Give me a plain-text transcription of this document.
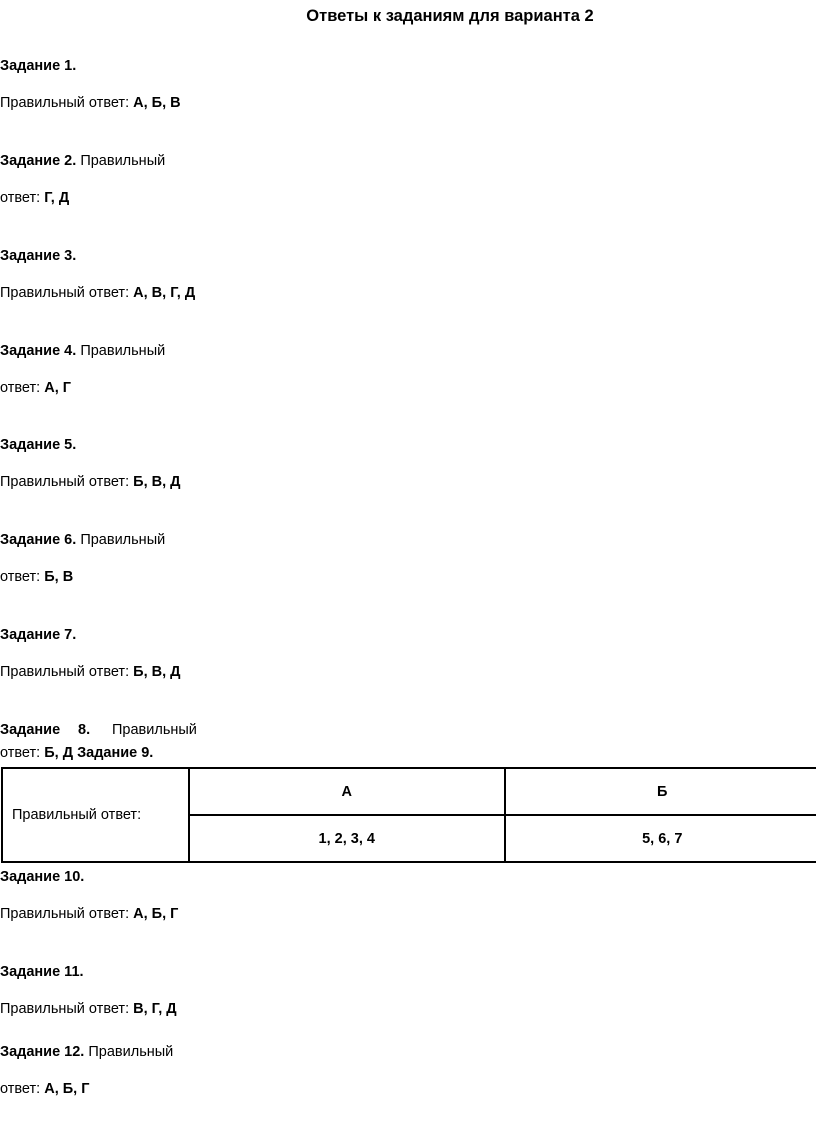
Ответы к заданиям для варианта 2
Задание 1.
Правильный ответ: А, Б, В
Задание 2. Правильный
ответ: Г, Д
Задание 3.
Правильный ответ: А, В, Г, Д
Задание 4. Правильный
ответ: А, Г
Задание 5.
Правильный ответ: Б, В, Д
Задание 6. Правильный
ответ: Б, В
Задание 7.
Правильный ответ: Б, В, Д
Задание 8. Правильный
ответ: Б, Д Задание 9.
Правильный ответ:	А	Б
	1, 2, 3, 4	5, 6, 7
Задание 10.
Правильный ответ: А, Б, Г
Задание 11.
Правильный ответ: В, Г, Д
Задание 12. Правильный
ответ: А, Б, Г
